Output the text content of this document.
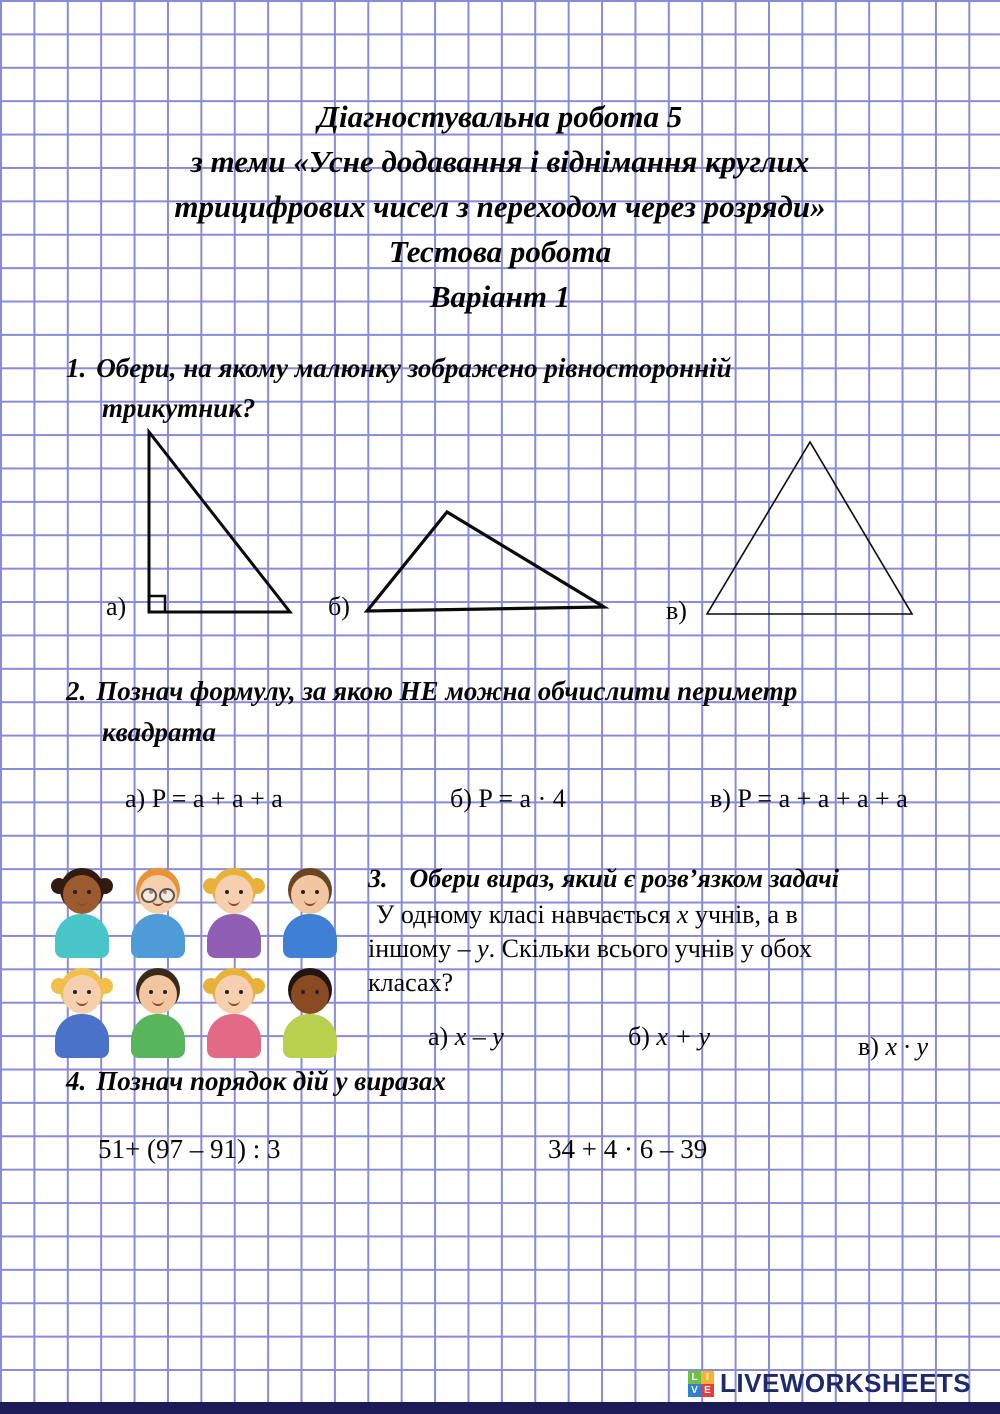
Діагностувальна робота 5
з теми «Усне додавання і віднімання круглих
трицифрових чисел з переходом через розряди»
Тестова робота
Варіант 1
1. Обери, на якому малюнку зображено рівносторонній
трикутник?
а)	б)	в)
2. Познач формулу, за якою НЕ можна обчислити периметр
квадрата
а) P = a + a + a	б) P = a · 4	в) P = a + a + a + a
3. Обери вираз, який є розв’язком задачі
У одному класі навчається x учнів, а в
іншому – y. Скільки всього учнів у обох
класах?
а) x – y	б) x + y	в) x · y
4. Познач порядок дій у виразах
51+ (97 – 91) : 3	34 + 4 · 6 – 39
L I
V E LIVEWORKSHEETS
